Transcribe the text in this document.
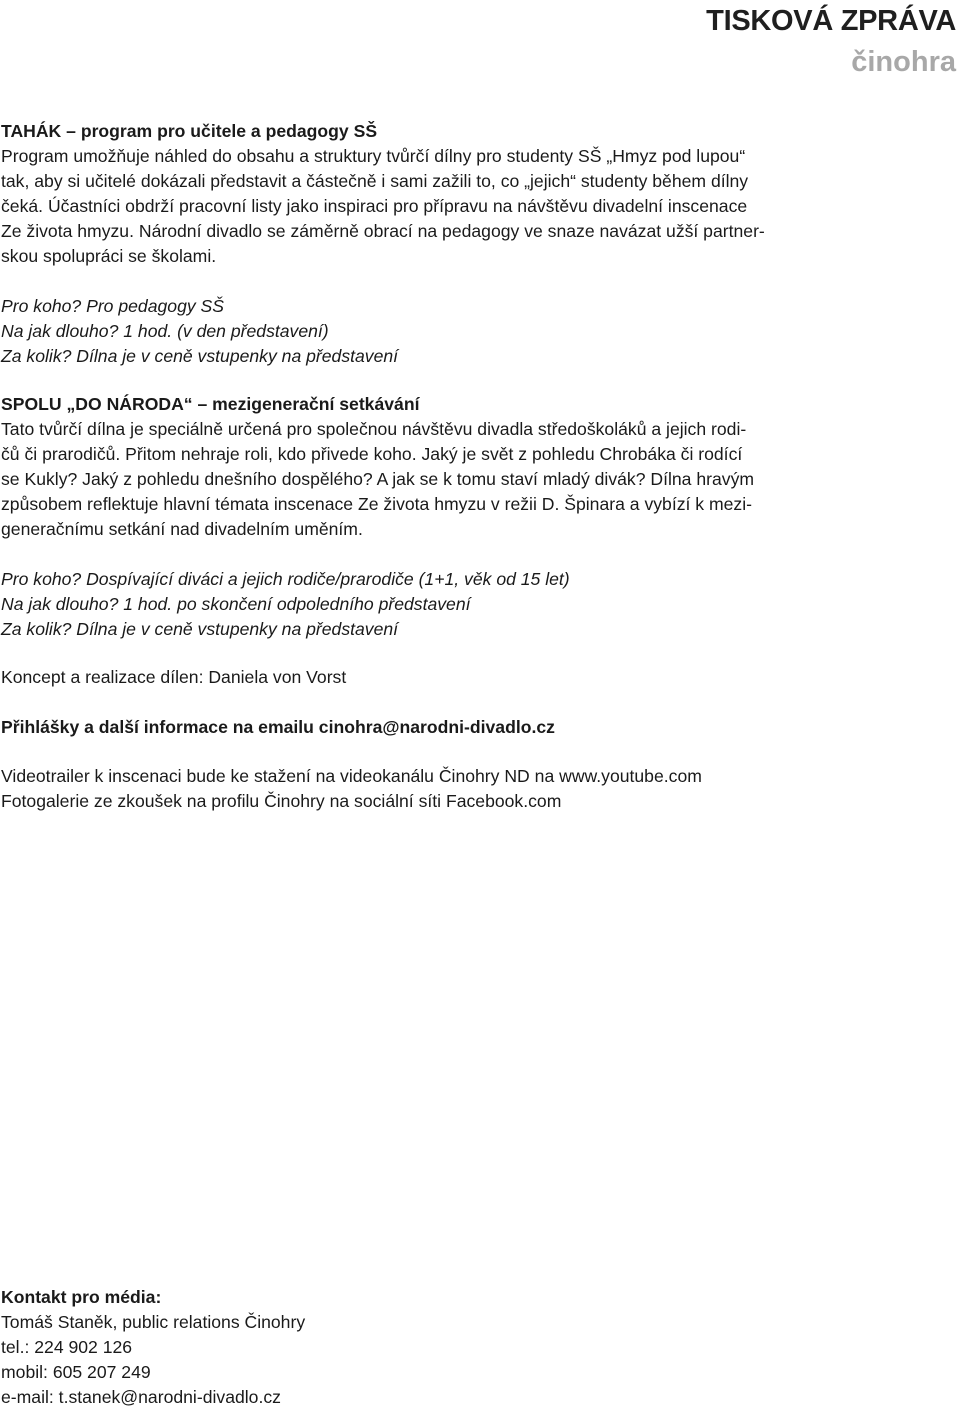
TISKOVÁ ZPRÁVA
činohra
TAHÁK – program pro učitele a pedagogy SŠ
Program umožňuje náhled do obsahu a struktury tvůrčí dílny pro studenty SŠ „Hmyz pod lupou“
tak, aby si učitelé dokázali představit a částečně i sami zažili to, co „jejich“ studenty během dílny
čeká. Účastníci obdrží pracovní listy jako inspiraci pro přípravu na návštěvu divadelní inscenace
Ze života hmyzu. Národní divadlo se záměrně obrací na pedagogy ve snaze navázat užší partner-
skou spolupráci se školami.
Pro koho? Pro pedagogy SŠ
Na jak dlouho? 1 hod. (v den představení)
Za kolik? Dílna je v ceně vstupenky na představení
SPOLU „DO NÁRODA“ – mezigenerační setkávání
Tato tvůrčí dílna je speciálně určená pro společnou návštěvu divadla středoškoláků a jejich rodi-
čů či prarodičů. Přitom nehraje roli, kdo přivede koho. Jaký je svět z pohledu Chrobáka či rodící
se Kukly? Jaký z pohledu dnešního dospělého? A jak se k tomu staví mladý divák? Dílna hravým
způsobem reflektuje hlavní témata inscenace Ze života hmyzu v režii D. Špinara a vybízí k mezi-
generačnímu setkání nad divadelním uměním.
Pro koho? Dospívající diváci a jejich rodiče/prarodiče (1+1, věk od 15 let)
Na jak dlouho? 1 hod. po skončení odpoledního představení
Za kolik? Dílna je v ceně vstupenky na představení
Koncept a realizace dílen: Daniela von Vorst
Přihlášky a další informace na emailu cinohra@narodni-divadlo.cz
Videotrailer k inscenaci bude ke stažení na videokanálu Činohry ND na www.youtube.com
Fotogalerie ze zkoušek na profilu Činohry na sociální síti Facebook.com
Kontakt pro média:
Tomáš Staněk, public relations Činohry
tel.: 224 902 126
mobil: 605 207 249
e-mail: t.stanek@narodni-divadlo.cz
